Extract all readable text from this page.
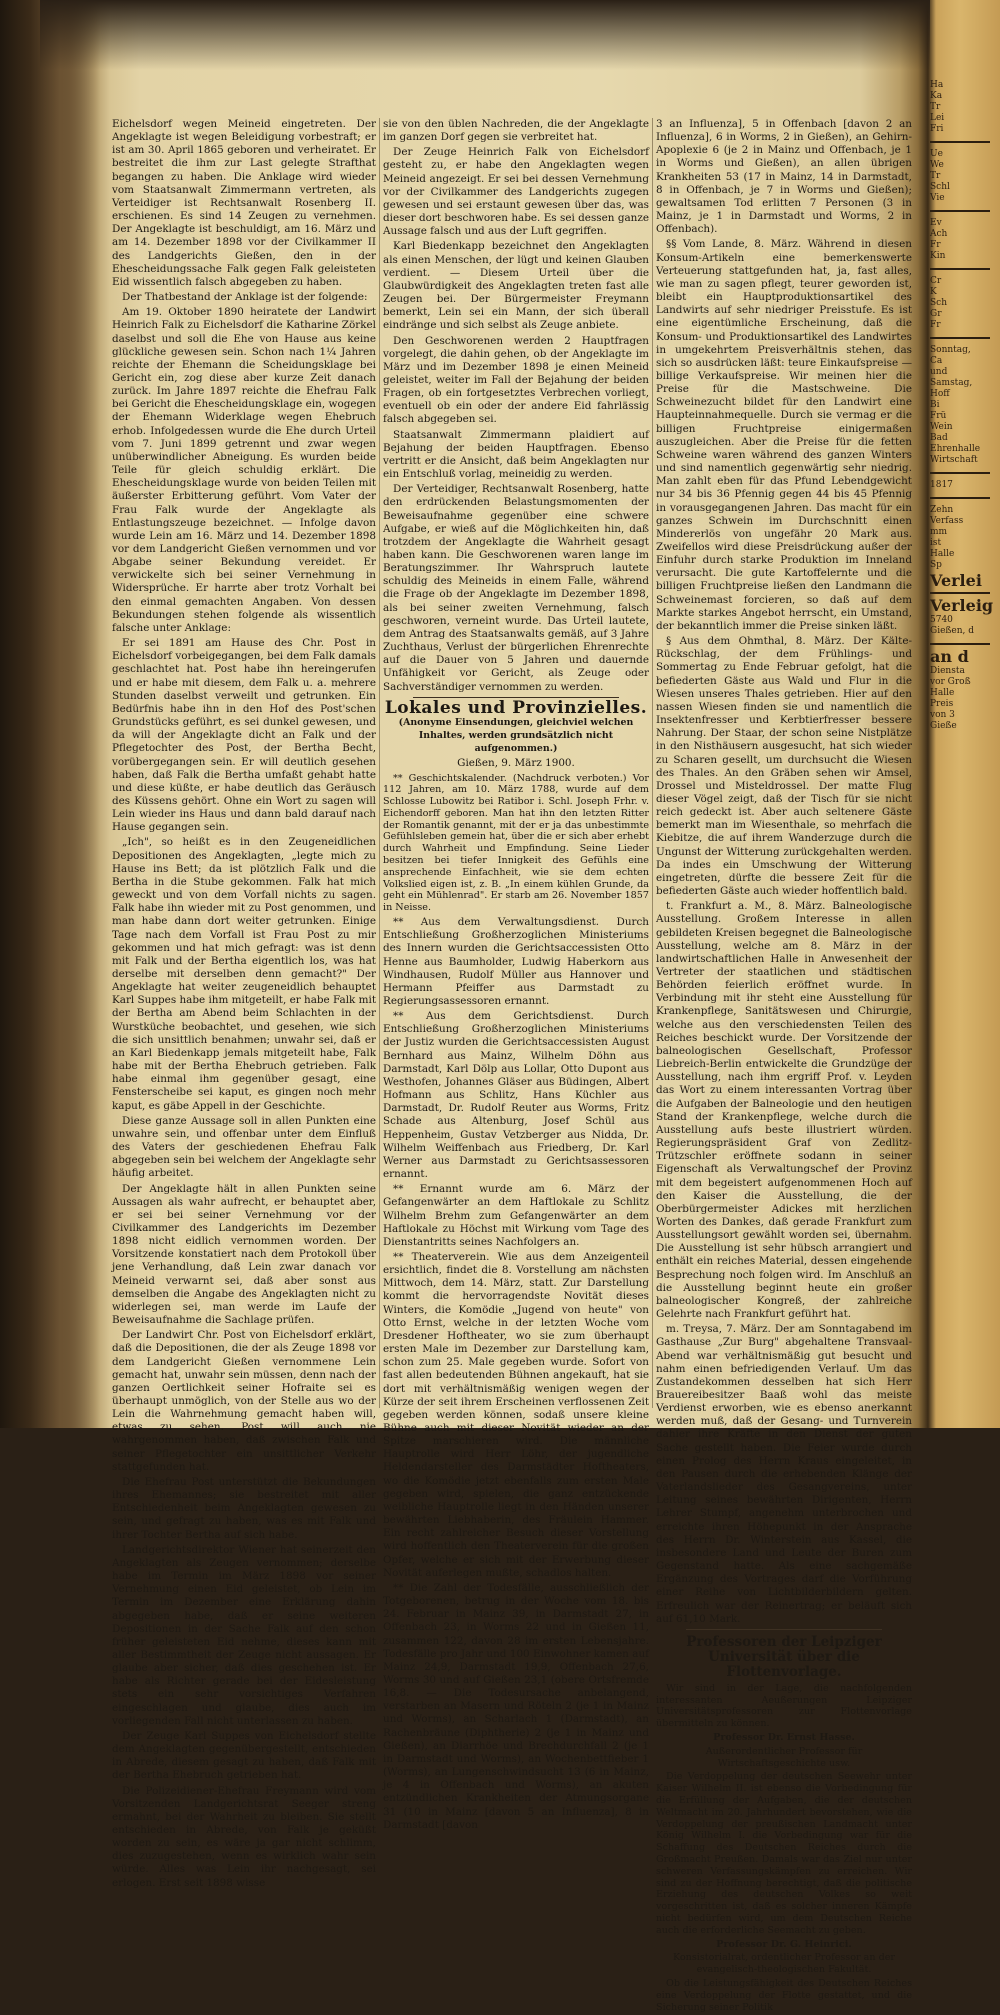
Eichelsdorf wegen Meineid eingetreten. Der Angeklagte ist wegen Beleidigung vorbestraft; er ist am 30. April 1865 geboren und verheiratet. Er bestreitet die ihm zur Last gelegte Strafthat begangen zu haben. Die Anklage wird wieder vom Staatsanwalt Zimmermann vertreten, als Verteidiger ist Rechtsanwalt Rosenberg II. erschienen. Es sind 14 Zeugen zu vernehmen. Der Angeklagte ist beschuldigt, am 16. März und am 14. Dezember 1898 vor der Civilkammer II des Landgerichts Gießen, den in der Ehescheidungssache Falk gegen Falk geleisteten Eid wissentlich falsch abgegeben zu haben.

Der Thatbestand der Anklage ist der folgende:

Am 19. Oktober 1890 heiratete der Landwirt Heinrich Falk zu Eichelsdorf die Katharine Zörkel daselbst und soll die Ehe von Hause aus keine glückliche gewesen sein. Schon nach 1¼ Jahren reichte der Ehemann die Scheidungsklage bei Gericht ein, zog diese aber kurze Zeit danach zurück. Im Jahre 1897 reichte die Ehefrau Falk bei Gericht die Ehescheidungsklage ein, wogegen der Ehemann Widerklage wegen Ehebruch erhob. Infolgedessen wurde die Ehe durch Urteil vom 7. Juni 1899 getrennt und zwar wegen unüberwindlicher Abneigung. Es wurden beide Teile für gleich schuldig erklärt. Die Ehescheidungsklage wurde von beiden Teilen mit äußerster Erbitterung geführt. Vom Vater der Frau Falk wurde der Angeklagte als Entlastungszeuge bezeichnet. — Infolge davon wurde Lein am 16. März und 14. Dezember 1898 vor dem Landgericht Gießen vernommen und vor Abgabe seiner Bekundung vereidet. Er verwickelte sich bei seiner Vernehmung in Widersprüche. Er harrte aber trotz Vorhalt bei den einmal gemachten Angaben. Von dessen Bekundungen stehen folgende als wissentlich falsche unter Anklage:

Er sei 1891 am Hause des Chr. Post in Eichelsdorf vorbeigegangen, bei dem Falk damals geschlachtet hat. Post habe ihn hereingerufen und er habe mit diesem, dem Falk u. a. mehrere Stunden daselbst verweilt und getrunken. Ein Bedürfnis habe ihn in den Hof des Post'schen Grundstücks geführt, es sei dunkel gewesen, und da will der Angeklagte dicht an Falk und der Pflegetochter des Post, der Bertha Becht, vorübergegangen sein. Er will deutlich gesehen haben, daß Falk die Bertha umfaßt gehabt hatte und diese küßte, er habe deutlich das Geräusch des Küssens gehört. Ohne ein Wort zu sagen will Lein wieder ins Haus und dann bald darauf nach Hause gegangen sein.

„Ich", so heißt es in den Zeugeneidlichen Depositionen des Angeklagten, „legte mich zu Hause ins Bett; da ist plötzlich Falk und die Bertha in die Stube gekommen. Falk hat mich geweckt und von dem Vorfall nichts zu sagen. Falk habe ihn wieder mit zu Post genommen, und man habe dann dort weiter getrunken. Einige Tage nach dem Vorfall ist Frau Post zu mir gekommen und hat mich gefragt: was ist denn mit Falk und der Bertha eigentlich los, was hat derselbe mit derselben denn gemacht?" Der Angeklagte hat weiter zeugeneidlich behauptet Karl Suppes habe ihm mitgeteilt, er habe Falk mit der Bertha am Abend beim Schlachten in der Wurstküche beobachtet, und gesehen, wie sich die sich unsittlich benahmen; unwahr sei, daß er an Karl Biedenkapp jemals mitgeteilt habe, Falk habe mit der Bertha Ehebruch getrieben. Falk habe einmal ihm gegenüber gesagt, eine Fensterscheibe sei kaput, es gingen noch mehr kaput, es gäbe Appell in der Geschichte.

Diese ganze Aussage soll in allen Punkten eine unwahre sein, und offenbar unter dem Einfluß des Vaters der geschiedenen Ehefrau Falk abgegeben sein bei welchem der Angeklagte sehr häufig arbeitet.

Der Angeklagte hält in allen Punkten seine Aussagen als wahr aufrecht, er behauptet aber, er sei bei seiner Vernehmung vor der Civilkammer des Landgerichts im Dezember 1898 nicht eidlich vernommen worden. Der Vorsitzende konstatiert nach dem Protokoll über jene Verhandlung, daß Lein zwar danach vor Meineid verwarnt sei, daß aber sonst aus demselben die Angabe des Angeklagten nicht zu widerlegen sei, man werde im Laufe der Beweisaufnahme die Sachlage prüfen.

Der Landwirt Chr. Post von Eichelsdorf erklärt, daß die Depositionen, die der als Zeuge 1898 vor dem Landgericht Gießen vernommene Lein gemacht hat, unwahr sein müssen, denn nach der ganzen Oertlichkeit seiner Hofraite sei es überhaupt unmöglich, von der Stelle aus wo der Lein die Wahrnehmung gemacht haben will, etwas zu sehen. Post will auch nie wahrgenommen haben, daß zwischen Falk und seiner Pflegetochter ein unsittlicher Verkehr stattgefunden hat.

Die Ehefrau Post unterstützt die Bekundungen ihres Ehemannes; sie bestreitet mit aller Entschiedenheit beim Angeklagten gewesen zu sein, und gefragt zu haben, was es mit Falk und ihrer Tochter Bertha auf sich habe.

Landgerichtsdirektor Wiener hat seinerzeit den Angeklagten als Zeugen vernommen; derselbe habe im Termin im März 1898 vor seiner Vernehmung einen Eid geleistet, ob Lein im Termin im Dezember eine Erklärung dahin abgegeben habe, daß er seine weiteren Depositionen in der Sache Falk auf den schon früher geleisteten Eid nehme, dieses kann mit aller Bestimmtheit der Zeuge nicht aussagen. Er glaube aber sicher, daß dies geschehen ist. Er habe als Richter gerade bei der Eidesleistung stets ein sehr vorsichtiges Verfahren eingeschlagen und glaube, dies auch im vorliegenden Fall nicht unterlassen zu haben.

Der Zeuge Karl Suppes von Eichelsdorf stellte dem Angeklagten gegenübergestellt, entschieden in Abrede, diesem gesagt zu haben, daß Falk mit der Bertha Ehebruch getrieben hat.

Die Polizeidiener-Ehefrau Freymann wird vom Vorsitzenden Landgerichtsrat Seeger streng ermahnt, bei der Wahrheit zu bleiben. Sie stellt entschieden in Abrede, von Falk je geküßt worden zu sein, es wäre ja gar nicht schlimm, dies zuzugestehen, wenn es wirklich wahr sein würde. Alles was Lein ihr nachgesagt, sei erlogen. Erst seit 1898 wisse

sie von den üblen Nachreden, die der Angeklagte im ganzen Dorf gegen sie verbreitet hat.

Der Zeuge Heinrich Falk von Eichelsdorf gesteht zu, er habe den Angeklagten wegen Meineid angezeigt. Er sei bei dessen Vernehmung vor der Civilkammer des Landgerichts zugegen gewesen und sei erstaunt gewesen über das, was dieser dort beschworen habe. Es sei dessen ganze Aussage falsch und aus der Luft gegriffen.

Karl Biedenkapp bezeichnet den Angeklagten als einen Menschen, der lügt und keinen Glauben verdient. — Diesem Urteil über die Glaubwürdigkeit des Angeklagten treten fast alle Zeugen bei. Der Bürgermeister Freymann bemerkt, Lein sei ein Mann, der sich überall eindränge und sich selbst als Zeuge anbiete.

Den Geschworenen werden 2 Hauptfragen vorgelegt, die dahin gehen, ob der Angeklagte im März und im Dezember 1898 je einen Meineid geleistet, weiter im Fall der Bejahung der beiden Fragen, ob ein fortgesetztes Verbrechen vorliegt, eventuell ob ein oder der andere Eid fahrlässig falsch abgegeben sei.

Staatsanwalt Zimmermann plaidiert auf Bejahung der beiden Hauptfragen. Ebenso vertritt er die Ansicht, daß beim Angeklagten nur ein Entschluß vorlag, meineidig zu werden.

Der Verteidiger, Rechtsanwalt Rosenberg, hatte den erdrückenden Belastungsmomenten der Beweisaufnahme gegenüber eine schwere Aufgabe, er wieß auf die Möglichkeiten hin, daß trotzdem der Angeklagte die Wahrheit gesagt haben kann. Die Geschworenen waren lange im Beratungszimmer. Ihr Wahrspruch lautete schuldig des Meineids in einem Falle, während die Frage ob der Angeklagte im Dezember 1898, als bei seiner zweiten Vernehmung, falsch geschworen, verneint wurde. Das Urteil lautete, dem Antrag des Staatsanwalts gemäß, auf 3 Jahre Zuchthaus, Verlust der bürgerlichen Ehrenrechte auf die Dauer von 5 Jahren und dauernde Unfähigkeit vor Gericht, als Zeuge oder Sachverständiger vernommen zu werden.

Lokales und Provinzielles.
(Anonyme Einsendungen, gleichviel welchen Inhaltes, werden grundsätzlich nicht aufgenommen.)
Gießen, 9. März 1900.

** Geschichtskalender. (Nachdruck verboten.) Vor 112 Jahren, am 10. März 1788, wurde auf dem Schlosse Lubowitz bei Ratibor i. Schl. Joseph Frhr. v. Eichendorff geboren. Man hat ihn den letzten Ritter der Romantik genannt, mit der er ja das unbestimmte Gefühlsleben gemein hat, über die er sich aber erhebt durch Wahrheit und Empfindung. Seine Lieder besitzen bei tiefer Innigkeit des Gefühls eine ansprechende Einfachheit, wie sie dem echten Volkslied eigen ist, z. B. „In einem kühlen Grunde, da geht ein Mühlenrad". Er starb am 26. November 1857 in Neisse.

** Aus dem Verwaltungsdienst. Durch Entschließung Großherzoglichen Ministeriums des Innern wurden die Gerichtsaccessisten Otto Henne aus Baumholder, Ludwig Haberkorn aus Windhausen, Rudolf Müller aus Hannover und Hermann Pfeiffer aus Darmstadt zu Regierungsassessoren ernannt.

** Aus dem Gerichtsdienst. Durch Entschließung Großherzoglichen Ministeriums der Justiz wurden die Gerichtsaccessisten August Bernhard aus Mainz, Wilhelm Döhn aus Darmstadt, Karl Dölp aus Lollar, Otto Dupont aus Westhofen, Johannes Gläser aus Büdingen, Albert Hofmann aus Schlitz, Hans Küchler aus Darmstadt, Dr. Rudolf Reuter aus Worms, Fritz Schade aus Altenburg, Josef Schül aus Heppenheim, Gustav Vetzberger aus Nidda, Dr. Wilhelm Weiffenbach aus Friedberg, Dr. Karl Werner aus Darmstadt zu Gerichtsassessoren ernannt.

** Ernannt wurde am 6. März der Gefangenwärter an dem Haftlokale zu Schlitz Wilhelm Brehm zum Gefangenwärter an dem Haftlokale zu Höchst mit Wirkung vom Tage des Dienstantritts seines Nachfolgers an.

** Theaterverein. Wie aus dem Anzeigenteil ersichtlich, findet die 8. Vorstellung am nächsten Mittwoch, dem 14. März, statt. Zur Darstellung kommt die hervorragendste Novität dieses Winters, die Komödie „Jugend von heute" von Otto Ernst, welche in der letzten Woche vom Dresdener Hoftheater, wo sie zum überhaupt ersten Male im Dezember zur Darstellung kam, schon zum 25. Male gegeben wurde. Sofort von fast allen bedeutenden Bühnen angekauft, hat sie dort mit verhältnismäßig wenigen wegen der Kürze der seit ihrem Erscheinen verflossenen Zeit gegeben werden können, sodaß unsere kleine Bühne auch mit dieser Novität wieder an der Spitze marschieren wird. Die männliche Hauptrolle wird Herr Löhr, der jugendliche Heldendarsteller des Darmstädter Hoftheaters, wo die Komödie jetzt ebenfalls zum ersten Male gegeben wird, spielen, die ganz entzückende weibliche Hauptrolle liegt in den Händen unserer bewährten Liebhaberin, des Fräulein Hammer. Ein recht zahlreicher Besuch dieser Vorstellung wird hoffentlich den Theaterverein für die großen Opfer, welche er sich mit der Erwerbung dieser Novität auferlegen mußte, schadlos halten.

** Die Zahl der Todesfälle, ausschließlich der Totgeborenen, betrug in der Woche vom 18. bis 24. Februar in Mainz 39, in Darmstadt 27, in Offenbach 23, in Worms 22 und in Gießen 11, zusammen 122, davon 28 im ersten Lebensjahre. Todesfälle pro Jahr und 100 Einwohner kamen auf Mainz 24,9, Darmstadt 19,9, Offenbach 27,6, Worms 30 und auf Gießen 23,1 (obere Ortsfremde 16,8. — Die Todesursache anbelangend, verstarben an Masern und Röteln 2 (je 1 in Mainz und Worms), an Scharlach 1 (Darmstadt), an Rachenbräune (Diphtherie) 2 (je 1 in Mainz und Gießen), an Diarrhöe und Brechdurchfall 2 (je 1 in Darmstadt und Worms), an Wochenbettfieber 1 (Worms), an Lungenschwindsucht 13 (6 in Mainz, je 4 in Offenbach und Worms), an akuten entzündlichen Krankheiten der Atmungsorgane 31 (10 in Mainz [davon 5 an Influenza], 8 in Darmstadt [davon

3 an Influenza], 5 in Offenbach [davon 2 an Influenza], 6 in Worms, 2 in Gießen), an Gehirn-Apoplexie 6 (je 2 in Mainz und Offenbach, je 1 in Worms und Gießen), an allen übrigen Krankheiten 53 (17 in Mainz, 14 in Darmstadt, 8 in Offenbach, je 7 in Worms und Gießen); gewaltsamen Tod erlitten 7 Personen (3 in Mainz, je 1 in Darmstadt und Worms, 2 in Offenbach).

§§ Vom Lande, 8. März. Während in diesen Konsum-Artikeln eine bemerkenswerte Verteuerung stattgefunden hat, ja, fast alles, wie man zu sagen pflegt, teurer geworden ist, bleibt ein Hauptproduktionsartikel des Landwirts auf sehr niedriger Preisstufe. Es ist eine eigentümliche Erscheinung, daß die Konsum- und Produktionsartikel des Landwirtes in umgekehrtem Preisverhältnis stehen, das sich so ausdrücken läßt: teure Einkaufspreise — billige Verkaufspreise. Wir meinen hier die Preise für die Mastschweine. Die Schweinezucht bildet für den Landwirt eine Haupteinnahmequelle. Durch sie vermag er die billigen Fruchtpreise einigermaßen auszugleichen. Aber die Preise für die fetten Schweine waren während des ganzen Winters und sind namentlich gegenwärtig sehr niedrig. Man zahlt eben für das Pfund Lebendgewicht nur 34 bis 36 Pfennig gegen 44 bis 45 Pfennig in vorausgegangenen Jahren. Das macht für ein ganzes Schwein im Durchschnitt einen Mindererlös von ungefähr 20 Mark aus. Zweifellos wird diese Preisdrückung außer der Einfuhr durch starke Produktion im Inneland verursacht. Die gute Kartoffelernte und die billigen Fruchtpreise ließen den Landmann die Schweinemast forcieren, so daß auf dem Markte starkes Angebot herrscht, ein Umstand, der bekanntlich immer die Preise sinken läßt.

§ Aus dem Ohmthal, 8. März. Der Kälte-Rückschlag, der dem Frühlings- und Sommertag zu Ende Februar gefolgt, hat die befiederten Gäste aus Wald und Flur in die Wiesen unseres Thales getrieben. Hier auf den nassen Wiesen finden sie und namentlich die Insektenfresser und Kerbtierfresser bessere Nahrung. Der Staar, der schon seine Nistplätze in den Nisthäusern ausgesucht, hat sich wieder zu Scharen gesellt, um durchsucht die Wiesen des Thales. An den Gräben sehen wir Amsel, Drossel und Misteldrossel. Der matte Flug dieser Vögel zeigt, daß der Tisch für sie nicht reich gedeckt ist. Aber auch seltenere Gäste bemerkt man im Wiesenthale, so mehrfach die Kiebitze, die auf ihrem Wanderzuge durch die Ungunst der Witterung zurückgehalten werden. Da indes ein Umschwung der Witterung eingetreten, dürfte die bessere Zeit für die befiederten Gäste auch wieder hoffentlich bald.

t. Frankfurt a. M., 8. März. Balneologische Ausstellung. Großem Interesse in allen gebildeten Kreisen begegnet die Balneologische Ausstellung, welche am 8. März in der landwirtschaftlichen Halle in Anwesenheit der Vertreter der staatlichen und städtischen Behörden feierlich eröffnet wurde. In Verbindung mit ihr steht eine Ausstellung für Krankenpflege, Sanitätswesen und Chirurgie, welche aus den verschiedensten Teilen des Reiches beschickt wurde. Der Vorsitzende der balneologischen Gesellschaft, Professor Liebreich-Berlin entwickelte die Grundzüge der Ausstellung, nach ihm ergriff Prof. v. Leyden das Wort zu einem interessanten Vortrag über die Aufgaben der Balneologie und den heutigen Stand der Krankenpflege, welche durch die Ausstellung aufs beste illustriert würden. Regierungspräsident Graf von Zedlitz-Trützschler eröffnete sodann in seiner Eigenschaft als Verwaltungschef der Provinz mit dem begeistert aufgenommenen Hoch auf den Kaiser die Ausstellung, die der Oberbürgermeister Adickes mit herzlichen Worten des Dankes, daß gerade Frankfurt zum Ausstellungsort gewählt worden sei, übernahm. Die Ausstellung ist sehr hübsch arrangiert und enthält ein reiches Material, dessen eingehende Besprechung noch folgen wird. Im Anschluß an die Ausstellung beginnt heute ein großer balneologischer Kongreß, der zahlreiche Gelehrte nach Frankfurt geführt hat.

m. Treysa, 7. März. Der am Sonntagabend im Gasthause „Zur Burg" abgehaltene Transvaal-Abend war verhältnismäßig gut besucht und nahm einen befriedigenden Verlauf. Um das Zustandekommen desselben hat sich Herr Brauereibesitzer Baaß wohl das meiste Verdienst erworben, wie es ebenso anerkannt werden muß, daß der Gesang- und Turnverein dahier ihre Kräfte in den Dienst der guten Sache gestellt haben. Die Feier wurde durch einen Prolog des Herrn Kraus eingeleitet, in den Pausen durch die erhebenden Klänge der Vaterlandslieder des Gesangvereins, unter Leitung seines bewährten Dirigenten, Herrn Lehrer Stumpf, angenehm unterbrochen und erreichte ihren Höhepunkt in der Ansprache des Herrn Dr. Winterstein aus Kassel, die insbesondere Land und Leute der Buren zum Gegenstand hatte. Als eine sachgemäße Ergänzung des Vortrages darf die Vorführung einer Reihe von Lichtbilderbildern gelten. Erfreulich war der Reinertrag; er beläuft sich auf 61,10 Mark.

Professoren der Leipziger Universität über die Flottenvorlage.

Wir sind in der Lage, die nachfolgenden interessanten Aeußerungen Leipziger Universitätsprofessoren zur Flottenvorlage übermitteln zu können.

Professor Dr. Ernst Hasse.

Außerordentlicher Professor für Wirtschaftsgeschichte usw.

Die Verdoppelung der deutschen Seewehr unter Kaiser Wilhelm II. ist ebenso die Vorbedingung für die Erfüllung der Aufgaben, die der deutschen Weltmacht im 20. Jahrhundert bevorstehen, wie die Verdoppelung der preußischen Landmacht unter König Wilhelm I. die Vorbedingung war für die Schaffung des Deutschen Reiches durch die Großmacht Preußen. Damals war das Ziel nur unter schweren Verfassungskämpfen zu erreichen. Wir sind zu der Hoffnung berechtigt, daß die politische Erziehung des deutschen Volkes so weit vorgeschritten ist, daß es solcher inneren Kämpfe nicht bedürfen wird, um dem Deutschen Reiche auch die erforderliche Seemacht zu geben.

Professor Dr. G. Heinrici.

Konsistorialrat, ordentlicher Professor an der evangelisch-theologischen Fakultät.

Ob die Leistungsfähigkeit des Deutschen Reiches eine Verdoppelung der Flotte gestattet, und die Sicherung seiner Politik

Ha
Ka
Tr
Lei
Fri
Ue
We
Tr
Schl
Vie
Ev
Ach
Fr
Kin
Cr
K
Sch
Gr
Fr
Sonntag,
Ca
und
Samstag,
Hoff
Bi
Frü
Wein
Bad
Ehrenhalle
Wirtschaft
1817
Zehn
Verfass
mm
ist
Halle
Sp
Verlei
Verleig
5740
Gießen, d
an d
Diensta
vor Groß
Halle
Preis
von 3
Gieße
